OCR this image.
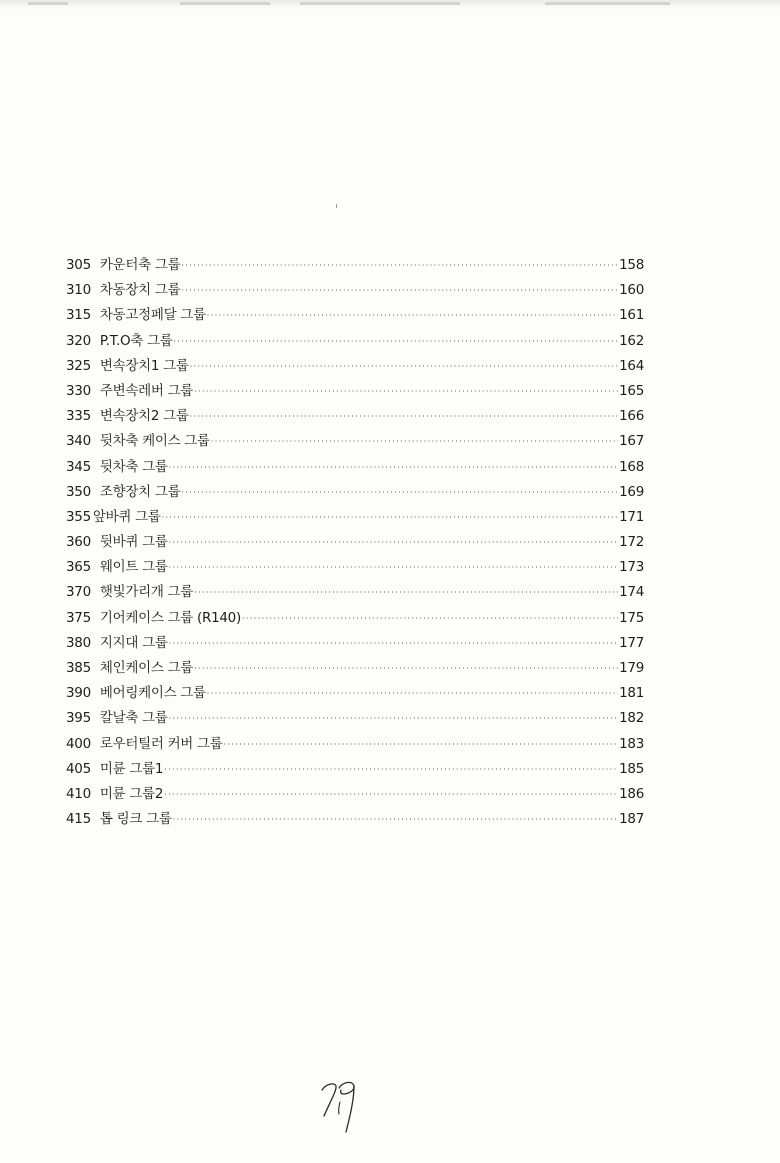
305 카운터축 그룹 ·····	158
310 차동장치 그룹 ·····	160
315 차동고정페달 그룹 ·····	161
320 P.T.O축 그룹 ·····	162
325 변속장치1 그룹 ·····	164
330 주변속레버 그룹 ·····	165
335 변속장치2 그룹 ·····	166
340 뒷차축 케이스 그룹 ·····	167
345 뒷차축 그룹 ·····	168
350 조향장치 그룹 ·····	169
355 앞바퀴 그룹 ·····	171
360 뒷바퀴 그룹 ·····	172
365 웨이트 그룹 ·····	173
370 햇빛가리개 그룹 ·····	174
375 기어케이스 그룹 (R140) ·····	175
380 지지대 그룹 ·····	177
385 체인케이스 그룹 ·····	179
390 베어링케이스 그룹 ·····	181
395 칼날축 그룹 ·····	182
400 로우터틸러 커버 그룹 ·····	183
405 미륜 그룹1 ·····	185
410 미륜 그룹2 ·····	186
415 톱 링크 그룹 ·····	187
